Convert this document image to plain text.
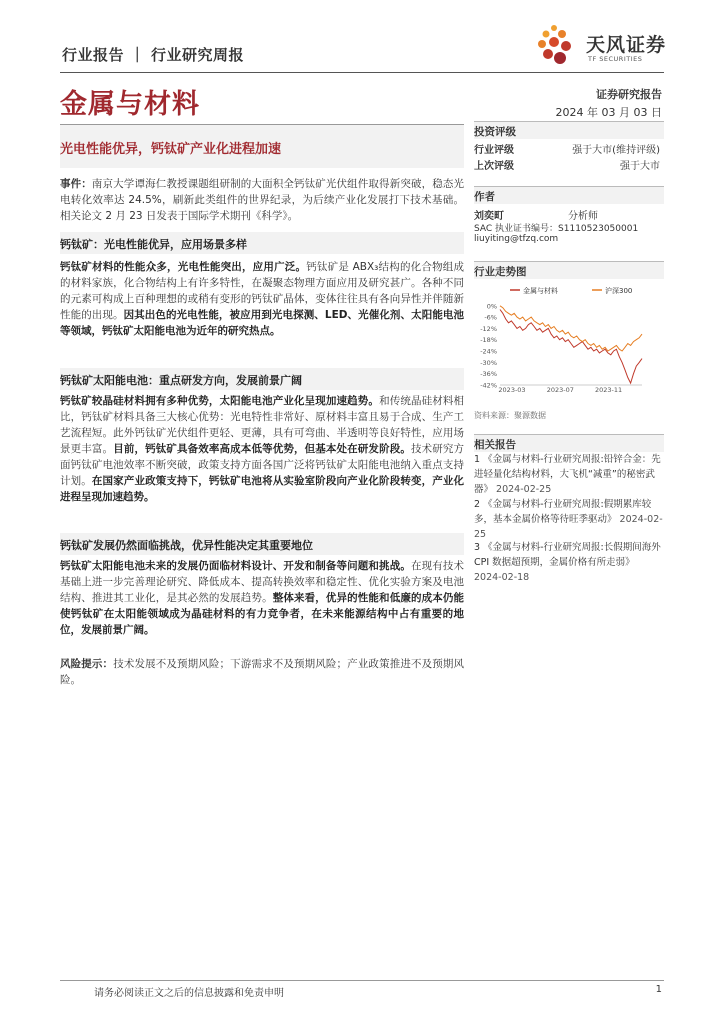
行业报告 ｜ 行业研究周报	天风证券
TF SECURITIES
金属与材料	证券研究报告
2024 年 03 月 03 日
光电性能优异，钙钛矿产业化进程加速
事件：南京大学谭海仁教授课题组研制的大面积全钙钛矿光伏组件取得新突破，稳态光电转化效率达 24.5%，刷新此类组件的世界纪录，为后续产业化发展打下技术基础。相关论文 2 月 23 日发表于国际学术期刊《科学》。
钙钛矿：光电性能优异，应用场景多样
钙钛矿材料的性能众多，光电性能突出，应用广泛。钙钛矿是 ABX₃结构的化合物组成的材料家族，化合物结构上有许多特性，在凝聚态物理方面应用及研究甚广。各种不同的元素可构成上百种理想的或稍有变形的钙钛矿晶体，变体往往具有各向异性并伴随新性能的出现。因其出色的光电性能，被应用到光电探测、LED、光催化剂、太阳能电池等领域，钙钛矿太阳能电池为近年的研究热点。
钙钛矿太阳能电池：重点研发方向，发展前景广阔
钙钛矿较晶硅材料拥有多种优势，太阳能电池产业化呈现加速趋势。和传统晶硅材料相比，钙钛矿材料具备三大核心优势：光电特性非常好、原材料丰富且易于合成、生产工艺流程短。此外钙钛矿光伏组件更轻、更薄，具有可弯曲、半透明等良好特性，应用场景更丰富。目前，钙钛矿具备效率高成本低等优势，但基本处在研发阶段。技术研究方面钙钛矿电池效率不断突破，政策支持方面各国广泛将钙钛矿太阳能电池纳入重点支持计划。在国家产业政策支持下，钙钛矿电池将从实验室阶段向产业化阶段转变，产业化进程呈现加速趋势。
钙钛矿发展仍然面临挑战，优异性能决定其重要地位
钙钛矿太阳能电池未来的发展仍面临材料设计、开发和制备等问题和挑战。在现有技术基础上进一步完善理论研究、降低成本、提高转换效率和稳定性、优化实验方案及电池结构、推进其工业化，是其必然的发展趋势。整体来看，优异的性能和低廉的成本仍能使钙钛矿在太阳能领域成为晶硅材料的有力竞争者，在未来能源结构中占有重要的地位，发展前景广阔。
风险提示：技术发展不及预期风险；下游需求不及预期风险；产业政策推进不及预期风险。
投资评级
行业评级	强于大市(维持评级)
上次评级	强于大市
作者
刘奕町	分析师
SAC 执业证书编号：S1110523050001
liuyiting@tfzq.com
行业走势图
金属与材料	沪深300
0%
-6%
-12%
-18%
-24%
-30%
-36%
-42%
2023-03	2023-07	2023-11
资料来源：聚源数据
相关报告
1 《金属与材料-行业研究周报:铅锌合金：先进轻量化结构材料，大飞机“减重”的秘密武器》 2024-02-25
2 《金属与材料-行业研究周报:假期累库较多，基本金属价格等待旺季驱动》 2024-02-25
3 《金属与材料-行业研究周报:长假期间海外 CPI 数据超预期，金属价格有所走弱》 2024-02-18
请务必阅读正文之后的信息披露和免责申明	1
